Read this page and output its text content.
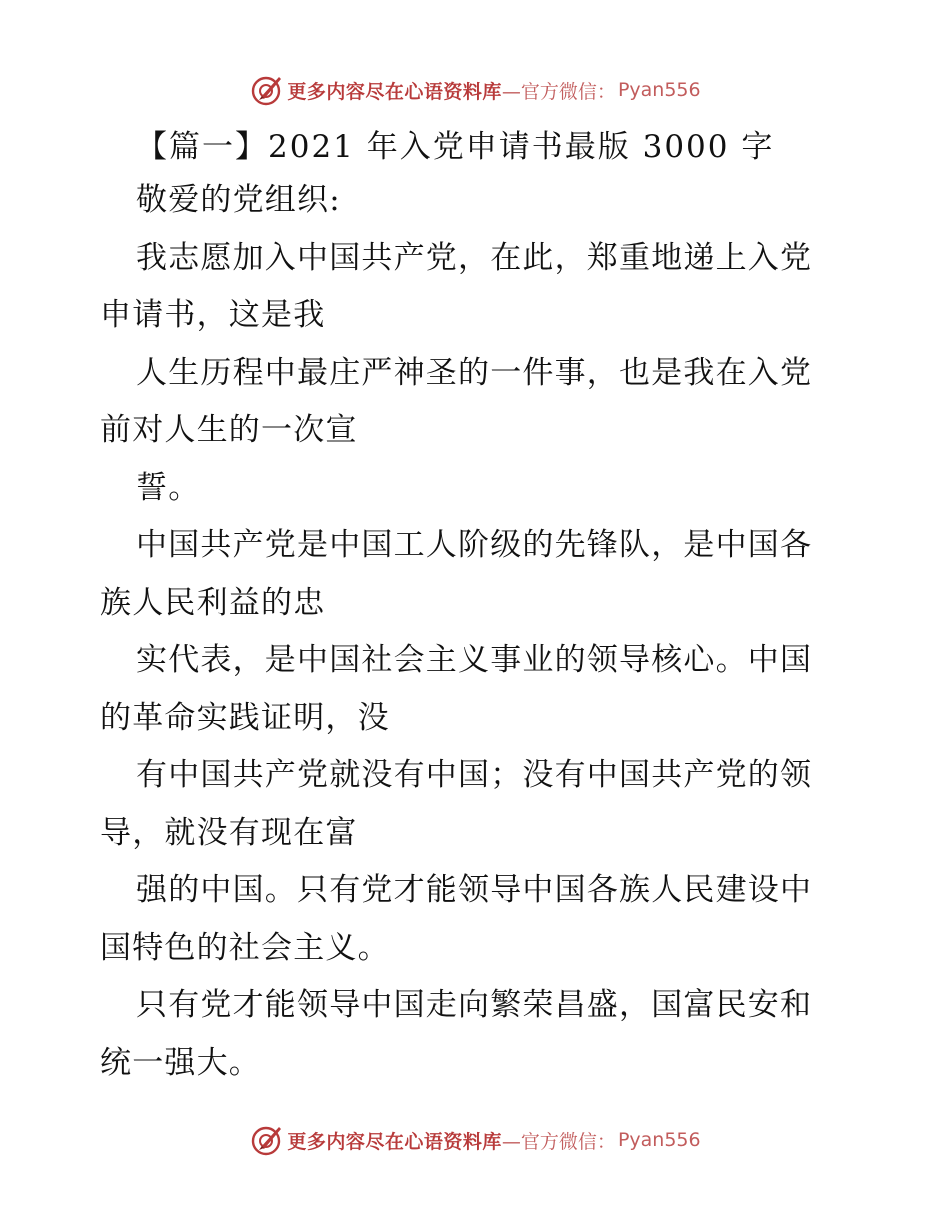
更多内容尽在心语资料库 —官方微信： Pyan556
【篇一】2021 年入党申请书最版 3000 字
敬爱的党组织:
我志愿加入中国共产党，在此，郑重地递上入党
申请书，这是我
人生历程中最庄严神圣的一件事，也是我在入党
前对人生的一次宣
誓。
中国共产党是中国工人阶级的先锋队，是中国各
族人民利益的忠
实代表，是中国社会主义事业的领导核心。中国
的革命实践证明，没
有中国共产党就没有中国；没有中国共产党的领
导，就没有现在富
强的中国。只有党才能领导中国各族人民建设中
国特色的社会主义。
只有党才能领导中国走向繁荣昌盛，国富民安和
统一强大。
更多内容尽在心语资料库 —官方微信： Pyan556
